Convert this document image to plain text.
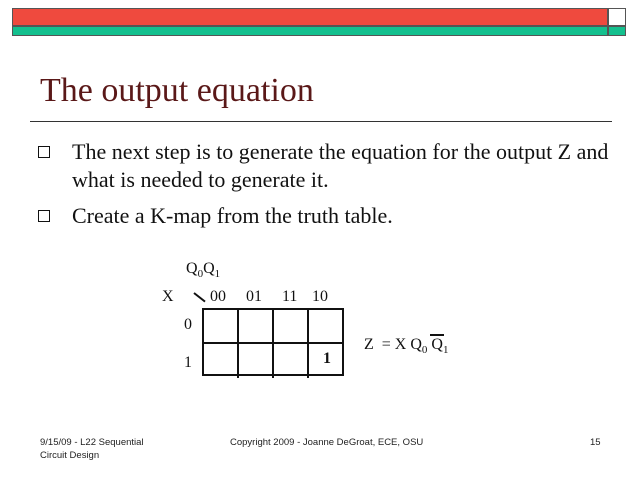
The output equation
The next step is to generate the equation for the output Z and what is needed to generate it.
Create a K-map from the truth table.
$Q_0Q_1$
X 00 01 11 10
0
1	1
Z  = X $Q_0$ $Q_1$
9/15/09 - L22 Sequential
Circuit Design
Copyright 2009 - Joanne DeGroat, ECE, OSU	15
